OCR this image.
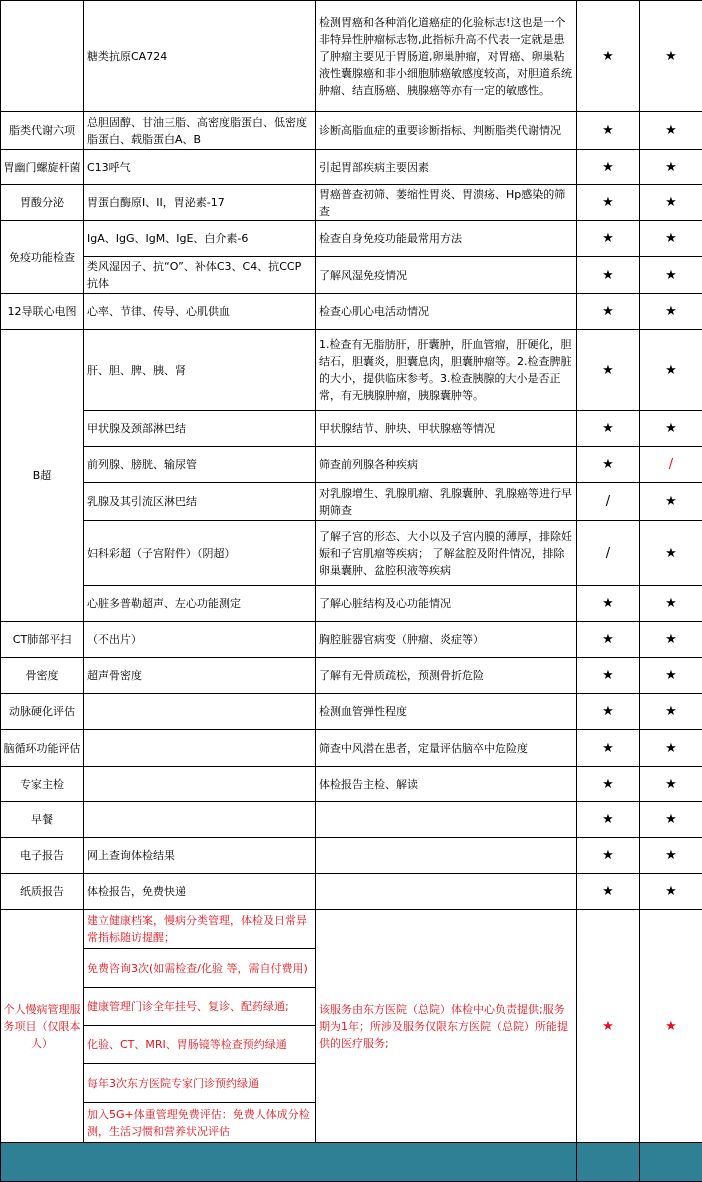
	糖类抗原CA724	检测胃癌和各种消化道癌症的化验标志!这也是一个非特异性肿瘤标志物,此指标升高不代表一定就是患了肿瘤主要见于胃肠道,卵巢肿瘤，对胃癌、卵巢粘液性囊腺癌和非小细胞肺癌敏感度较高，对胆道系统肿瘤、结直肠癌、胰腺癌等亦有一定的敏感性。	★	★
脂类代谢六项	总胆固醇、甘油三脂、高密度脂蛋白、低密度脂蛋白、载脂蛋白A、B	诊断高脂血症的重要诊断指标、判断脂类代谢情况	★	★
胃幽门螺旋杆菌	C13呼气	引起胃部疾病主要因素	★	★
胃酸分泌	胃蛋白酶原I、II，胃泌素-17	胃癌普查初筛、萎缩性胃炎、胃溃疡、Hp感染的筛查	★	★
免疫功能检查	IgA、IgG、IgM、IgE、白介素-6	检查自身免疫功能最常用方法	★	★
	类风湿因子、抗“O”、补体C3、C4、抗CCP抗体	了解风湿免疫情况	★	★
12导联心电图	心率、节律、传导、心肌供血	检查心肌心电活动情况	★	★
B超	肝、胆、脾、胰、肾	1.检查有无脂肪肝，肝囊肿，肝血管瘤，肝硬化，胆结石，胆囊炎，胆囊息肉，胆囊肿瘤等。2.检查脾脏的大小，提供临床参考。3.检查胰腺的大小是否正常，有无胰腺肿瘤，胰腺囊肿等。	★	★
	甲状腺及颈部淋巴结	甲状腺结节、肿块、甲状腺癌等情况	★	★
	前列腺、膀胱、输尿管	筛查前列腺各种疾病	★	/
	乳腺及其引流区淋巴结	对乳腺增生、乳腺肌瘤、乳腺囊肿、乳腺癌等进行早期筛查	/	★
	妇科彩超（子宫附件）（阴超）	了解子宫的形态、大小以及子宫内膜的薄厚，排除妊娠和子宫肌瘤等疾病； 了解盆腔及附件情况，排除卵巢囊肿、盆腔积液等疾病	/	★
	心脏多普勒超声、左心功能测定	了解心脏结构及心功能情况	★	★
CT肺部平扫	（不出片）	胸腔脏器官病变（肿瘤、炎症等）	★	★
骨密度	超声骨密度	了解有无骨质疏松，预测骨折危险	★	★
动脉硬化评估		检测血管弹性程度	★	★
脑循环功能评估		筛查中风潜在患者，定量评估脑卒中危险度	★	★
专家主检		体检报告主检、解读	★	★
早餐			★	★
电子报告	网上查询体检结果		★	★
纸质报告	体检报告，免费快递		★	★
个人慢病管理服务项目（仅限本人）	建立健康档案，慢病分类管理，体检及日常异常指标随访提醒；	该服务由东方医院（总院）体检中心负责提供;服务期为1年；所涉及服务仅限东方医院（总院）所能提供的医疗服务;	★	★
	免费咨询3次(如需检查/化验 等，需自付费用)			
	健康管理门诊全年挂号、复诊、配药绿通;			
	化验、CT、MRI、胃肠镜等检查预约绿通			
	每年3次东方医院专家门诊预约绿通			
	加入5G+体重管理免费评估：免费人体成分检测，生活习惯和营养状况评估			
